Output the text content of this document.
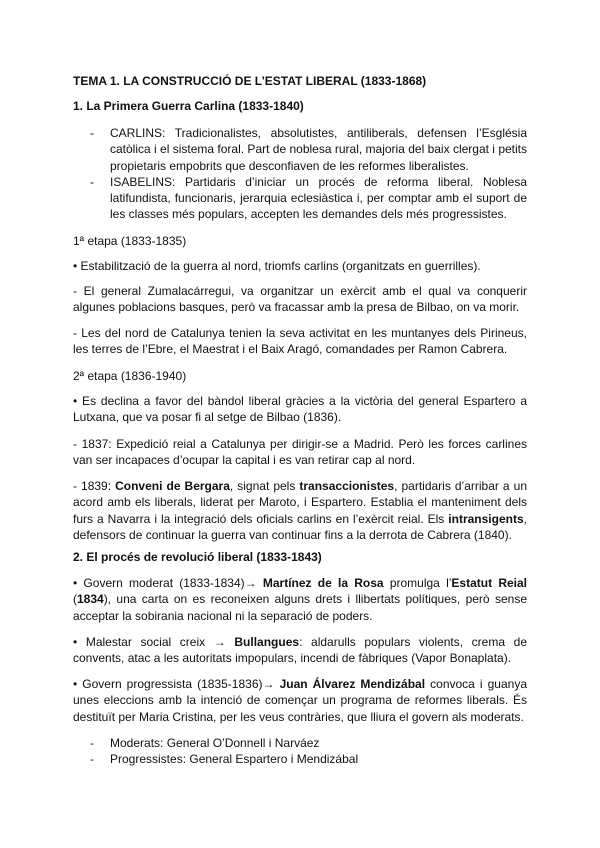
TEMA 1. LA CONSTRUCCIÓ DE L’ESTAT LIBERAL (1833-1868)

1. La Primera Guerra Carlina (1833-1840)

- CARLINS: Tradicionalistes, absolutistes, antiliberals, defensen l’Església catòlica i el sistema foral. Part de noblesa rural, majoria del baix clergat i petits propietaris empobrits que desconfiaven de les reformes liberalistes.
- ISABELINS: Partidaris d’iniciar un procés de reforma liberal. Noblesa latifundista, funcionaris, jerarquia eclesiàstica i, per comptar amb el suport de les classes més populars, accepten les demandes dels més progressistes.

1ª etapa (1833-1835)

• Estabilització de la guerra al nord, triomfs carlins (organitzats en guerrilles).

- El general Zumalacárregui, va organitzar un exèrcit amb el qual va conquerir algunes poblacions basques, però va fracassar amb la presa de Bilbao, on va morir.

- Les del nord de Catalunya tenien la seva activitat en les muntanyes dels Pirineus, les terres de l’Ebre, el Maestrat i el Baix Aragó, comandades per Ramon Cabrera.

2ª etapa (1836-1940)

• Es declina a favor del bàndol liberal gràcies a la victòria del general Espartero a Lutxana, que va posar fi al setge de Bilbao (1836).

- 1837: Expedició reial a Catalunya per dirigir-se a Madrid. Però les forces carlines van ser incapaces d’ocupar la capital i es van retirar cap al nord.

- 1839: Conveni de Bergara, signat pels transaccionistes, partidaris d’arribar a un acord amb els liberals, liderat per Maroto, i Espartero. Establia el manteniment dels furs a Navarra i la integració dels oficials carlins en l’exèrcit reial. Els intransigents, defensors de continuar la guerra van continuar fins a la derrota de Cabrera (1840).

2. El procés de revolució liberal (1833-1843)

• Govern moderat (1833-1834)→ Martínez de la Rosa promulga l’Estatut Reial (1834), una carta on es reconeixen alguns drets i llibertats polítiques, però sense acceptar la sobirania nacional ni la separació de poders.

• Malestar social creix → Bullangues: aldarulls populars violents, crema de convents, atac a les autoritats impopulars, incendi de fàbriques (Vapor Bonaplata).

• Govern progressista (1835-1836)→ Juan Álvarez Mendizábal convoca i guanya unes eleccions amb la intenció de començar un programa de reformes liberals. És destituït per Maria Cristina, per les veus contràries, que lliura el govern als moderats.

- Moderats: General O’Donnell i Narváez
- Progressistes: General Espartero i Mendizábal
